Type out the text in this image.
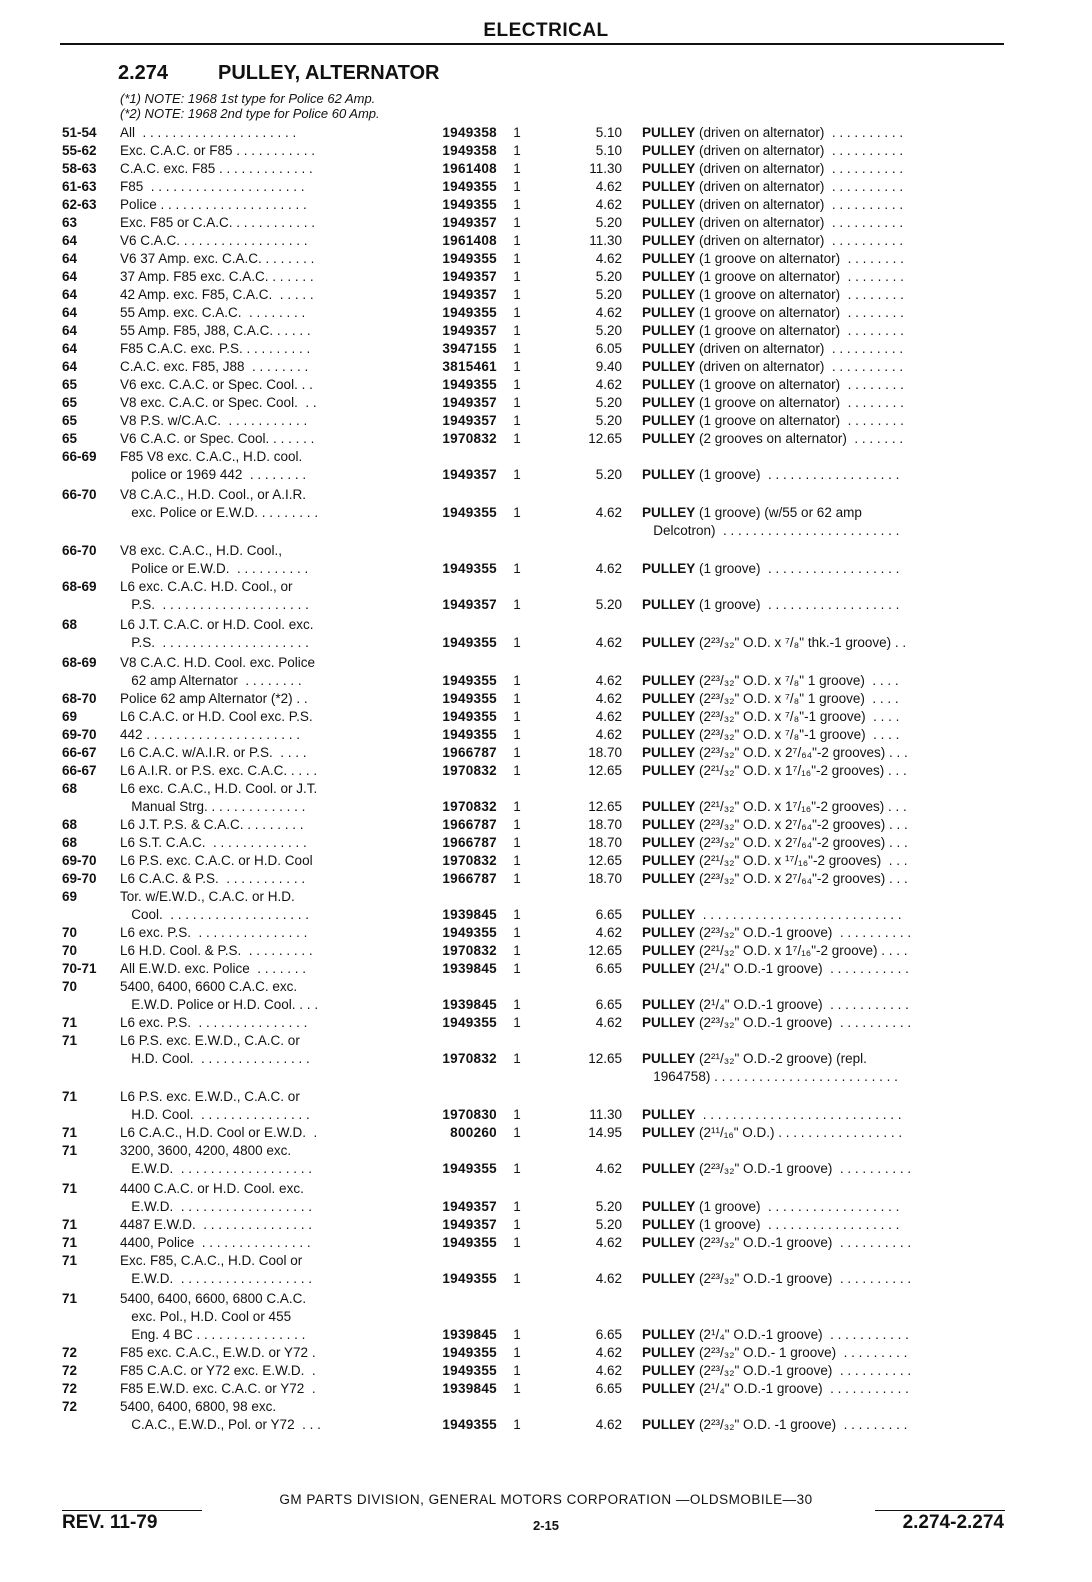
ELECTRICAL
2.274 PULLEY, ALTERNATOR
(*1) NOTE: 1968 1st type for Police 62 Amp.
(*2) NOTE: 1968 2nd type for Police 60 Amp.
51-54	All  . . . . . . . . . . . . . . . . . . . . .	1949358 1	5.10 PULLEY (driven on alternator)  . . . . . . . . . .
55-62	Exc. C.A.C. or F85 . . . . . . . . . . .	1949358 1	5.10 PULLEY (driven on alternator)  . . . . . . . . . .
58-63	C.A.C. exc. F85 . . . . . . . . . . . . .	1961408 1	11.30 PULLEY (driven on alternator)  . . . . . . . . . .
61-63	F85  . . . . . . . . . . . . . . . . . . . . .	1949355 1	4.62 PULLEY (driven on alternator)  . . . . . . . . . .
62-63	Police . . . . . . . . . . . . . . . . . . . .	1949355 1	4.62 PULLEY (driven on alternator)  . . . . . . . . . .
63	Exc. F85 or C.A.C. . . . . . . . . . . .	1949357 1	5.20 PULLEY (driven on alternator)  . . . . . . . . . .
64	V6 C.A.C. . . . . . . . . . . . . . . . . .	1961408 1	11.30 PULLEY (driven on alternator)  . . . . . . . . . .
64	V6 37 Amp. exc. C.A.C. . . . . . . .	1949355 1	4.62 PULLEY (1 groove on alternator)  . . . . . . . .
64	37 Amp. F85 exc. C.A.C. . . . . . .	1949357 1	5.20 PULLEY (1 groove on alternator)  . . . . . . . .
64	42 Amp. exc. F85, C.A.C.  . . . . .	1949357 1	5.20 PULLEY (1 groove on alternator)  . . . . . . . .
64	55 Amp. exc. C.A.C.  . . . . . . . .	1949355 1	4.62 PULLEY (1 groove on alternator)  . . . . . . . .
64	55 Amp. F85, J88, C.A.C. . . . . .	1949357 1	5.20 PULLEY (1 groove on alternator)  . . . . . . . .
64	F85 C.A.C. exc. P.S. . . . . . . . . .	3947155 1	6.05 PULLEY (driven on alternator)  . . . . . . . . . .
64	C.A.C. exc. F85, J88  . . . . . . . .	3815461 1	9.40 PULLEY (driven on alternator)  . . . . . . . . . .
65	V6 exc. C.A.C. or Spec. Cool. . .	1949355 1	4.62 PULLEY (1 groove on alternator)  . . . . . . . .
65	V8 exc. C.A.C. or Spec. Cool.  . .	1949357 1	5.20 PULLEY (1 groove on alternator)  . . . . . . . .
65	V8 P.S. w/C.A.C.  . . . . . . . . . . .	1949357 1	5.20 PULLEY (1 groove on alternator)  . . . . . . . .
65	V6 C.A.C. or Spec. Cool. . . . . . .	1970832 1	12.65 PULLEY (2 grooves on alternator)  . . . . . . .
66-69	F85 V8 exc. C.A.C., H.D. cool.
police or 1969 442  . . . . . . . .	1949357 1	5.20 PULLEY (1 groove)  . . . . . . . . . . . . . . . . . .
66-70	V8 C.A.C., H.D. Cool., or A.I.R.
exc. Police or E.W.D. . . . . . . . .	1949355 1	4.62 PULLEY (1 groove) (w/55 or 62 amp
Delcotron)  . . . . . . . . . . . . . . . . . . . . . . . .
66-70	V8 exc. C.A.C., H.D. Cool.,
Police or E.W.D.  . . . . . . . . . .	1949355 1	4.62 PULLEY (1 groove)  . . . . . . . . . . . . . . . . . .
68-69	L6 exc. C.A.C. H.D. Cool., or
P.S.  . . . . . . . . . . . . . . . . . . . .	1949357 1	5.20 PULLEY (1 groove)  . . . . . . . . . . . . . . . . . .
68	L6 J.T. C.A.C. or H.D. Cool. exc.
P.S.  . . . . . . . . . . . . . . . . . . . .	1949355 1	4.62 PULLEY (2²³/₃₂" O.D. x ⁷/₈" thk.-1 groove) . .
68-69	V8 C.A.C. H.D. Cool. exc. Police
62 amp Alternator  . . . . . . . .	1949355 1	4.62 PULLEY (2²³/₃₂" O.D. x ⁷/₈" 1 groove)  . . . .
68-70	Police 62 amp Alternator (*2) . .	1949355 1	4.62 PULLEY (2²³/₃₂" O.D. x ⁷/₈" 1 groove)  . . . .
69	L6 C.A.C. or H.D. Cool exc. P.S.	1949355 1	4.62 PULLEY (2²³/₃₂" O.D. x ⁷/₈"-1 groove)  . . . .
69-70	442 . . . . . . . . . . . . . . . . . . . . .	1949355 1	4.62 PULLEY (2²³/₃₂" O.D. x ⁷/₈"-1 groove)  . . . .
66-67	L6 C.A.C. w/A.I.R. or P.S.  . . . .	1966787 1	18.70 PULLEY (2²³/₃₂" O.D. x 2⁷/₆₄"-2 grooves) . . .
66-67	L6 A.I.R. or P.S. exc. C.A.C. . . . .	1970832 1	12.65 PULLEY (2²¹/₃₂" O.D. x 1⁷/₁₆"-2 grooves) . . .
68	L6 exc. C.A.C., H.D. Cool. or J.T.
Manual Strg. . . . . . . . . . . . . .	1970832 1	12.65 PULLEY (2²¹/₃₂" O.D. x 1⁷/₁₆"-2 grooves) . . .
68	L6 J.T. P.S. & C.A.C. . . . . . . . .	1966787 1	18.70 PULLEY (2²³/₃₂" O.D. x 2⁷/₆₄"-2 grooves) . . .
68	L6 S.T. C.A.C.  . . . . . . . . . . . . .	1966787 1	18.70 PULLEY (2²³/₃₂" O.D. x 2⁷/₆₄"-2 grooves) . . .
69-70	L6 P.S. exc. C.A.C. or H.D. Cool	1970832 1	12.65 PULLEY (2²¹/₃₂" O.D. x ¹⁷/₁₆"-2 grooves)  . . .
69-70	L6 C.A.C. & P.S.  . . . . . . . . . . .	1966787 1	18.70 PULLEY (2²³/₃₂" O.D. x 2⁷/₆₄"-2 grooves) . . .
69	Tor. w/E.W.D., C.A.C. or H.D.
Cool.  . . . . . . . . . . . . . . . . . . .	1939845 1	6.65 PULLEY  . . . . . . . . . . . . . . . . . . . . . . . . . . .
70	L6 exc. P.S.  . . . . . . . . . . . . . . .	1949355 1	4.62 PULLEY (2²³/₃₂" O.D.-1 groove)  . . . . . . . . . .
70	L6 H.D. Cool. & P.S.  . . . . . . . . .	1970832 1	12.65 PULLEY (2²¹/₃₂" O.D. x 1⁷/₁₆"-2 groove) . . . .
70-71	All E.W.D. exc. Police  . . . . . . .	1939845 1	6.65 PULLEY (2¹/₄" O.D.-1 groove)  . . . . . . . . . . .
70	5400, 6400, 6600 C.A.C. exc.
E.W.D. Police or H.D. Cool. . . .	1939845 1	6.65 PULLEY (2¹/₄" O.D.-1 groove)  . . . . . . . . . . .
71	L6 exc. P.S.  . . . . . . . . . . . . . . .	1949355 1	4.62 PULLEY (2²³/₃₂" O.D.-1 groove)  . . . . . . . . . .
71	L6 P.S. exc. E.W.D., C.A.C. or
H.D. Cool.  . . . . . . . . . . . . . . .	1970832 1	12.65 PULLEY (2²¹/₃₂" O.D.-2 groove) (repl.
1964758) . . . . . . . . . . . . . . . . . . . . . . . . .
71	L6 P.S. exc. E.W.D., C.A.C. or
H.D. Cool.  . . . . . . . . . . . . . . .	1970830 1	11.30 PULLEY  . . . . . . . . . . . . . . . . . . . . . . . . . . .
71	L6 C.A.C., H.D. Cool or E.W.D.  .	800260 1	14.95 PULLEY (2¹¹/₁₆" O.D.) . . . . . . . . . . . . . . . . .
71	3200, 3600, 4200, 4800 exc.
E.W.D.  . . . . . . . . . . . . . . . . . .	1949355 1	4.62 PULLEY (2²³/₃₂" O.D.-1 groove)  . . . . . . . . . .
71	4400 C.A.C. or H.D. Cool. exc.
E.W.D.  . . . . . . . . . . . . . . . . . .	1949357 1	5.20 PULLEY (1 groove)  . . . . . . . . . . . . . . . . . .
71	4487 E.W.D.  . . . . . . . . . . . . . . .	1949357 1	5.20 PULLEY (1 groove)  . . . . . . . . . . . . . . . . . .
71	4400, Police  . . . . . . . . . . . . . . .	1949355 1	4.62 PULLEY (2²³/₃₂" O.D.-1 groove)  . . . . . . . . . .
71	Exc. F85, C.A.C., H.D. Cool or
E.W.D.  . . . . . . . . . . . . . . . . . .	1949355 1	4.62 PULLEY (2²³/₃₂" O.D.-1 groove)  . . . . . . . . . .
71	5400, 6400, 6600, 6800 C.A.C.
exc. Pol., H.D. Cool or 455
Eng. 4 BC . . . . . . . . . . . . . . .	1939845 1	6.65 PULLEY (2¹/₄" O.D.-1 groove)  . . . . . . . . . . .
72	F85 exc. C.A.C., E.W.D. or Y72 .	1949355 1	4.62 PULLEY (2²³/₃₂" O.D.- 1 groove)  . . . . . . . . .
72	F85 C.A.C. or Y72 exc. E.W.D.  .	1949355 1	4.62 PULLEY (2²³/₃₂" O.D.-1 groove)  . . . . . . . . . .
72	F85 E.W.D. exc. C.A.C. or Y72  .	1939845 1	6.65 PULLEY (2¹/₄" O.D.-1 groove)  . . . . . . . . . . .
72	5400, 6400, 6800, 98 exc.
C.A.C., E.W.D., Pol. or Y72  . . .	1949355 1	4.62 PULLEY (2²³/₃₂" O.D. -1 groove)  . . . . . . . . .
GM PARTS DIVISION, GENERAL MOTORS CORPORATION —OLDSMOBILE—30
REV. 11-79	2-15	2.274-2.274
